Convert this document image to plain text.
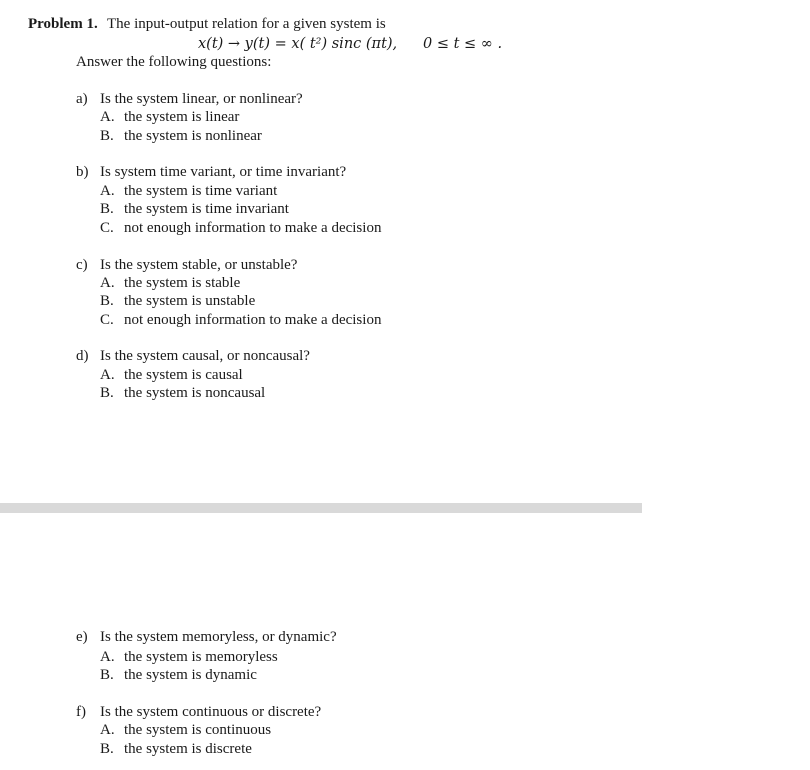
Problem 1. The input-output relation for a given system is
x(t) → y(t) = x( t²) sinc (πt), 0 ≤ t ≤ ∞ .
Answer the following questions:
a) Is the system linear, or nonlinear?
A. the system is linear
B. the system is nonlinear
b) Is system time variant, or time invariant?
A. the system is time variant
B. the system is time invariant
C. not enough information to make a decision
c) Is the system stable, or unstable?
A. the system is stable
B. the system is unstable
C. not enough information to make a decision
d) Is the system causal, or noncausal?
A. the system is causal
B. the system is noncausal
e) Is the system memoryless, or dynamic?
A. the system is memoryless
B. the system is dynamic
f) Is the system continuous or discrete?
A. the system is continuous
B. the system is discrete
